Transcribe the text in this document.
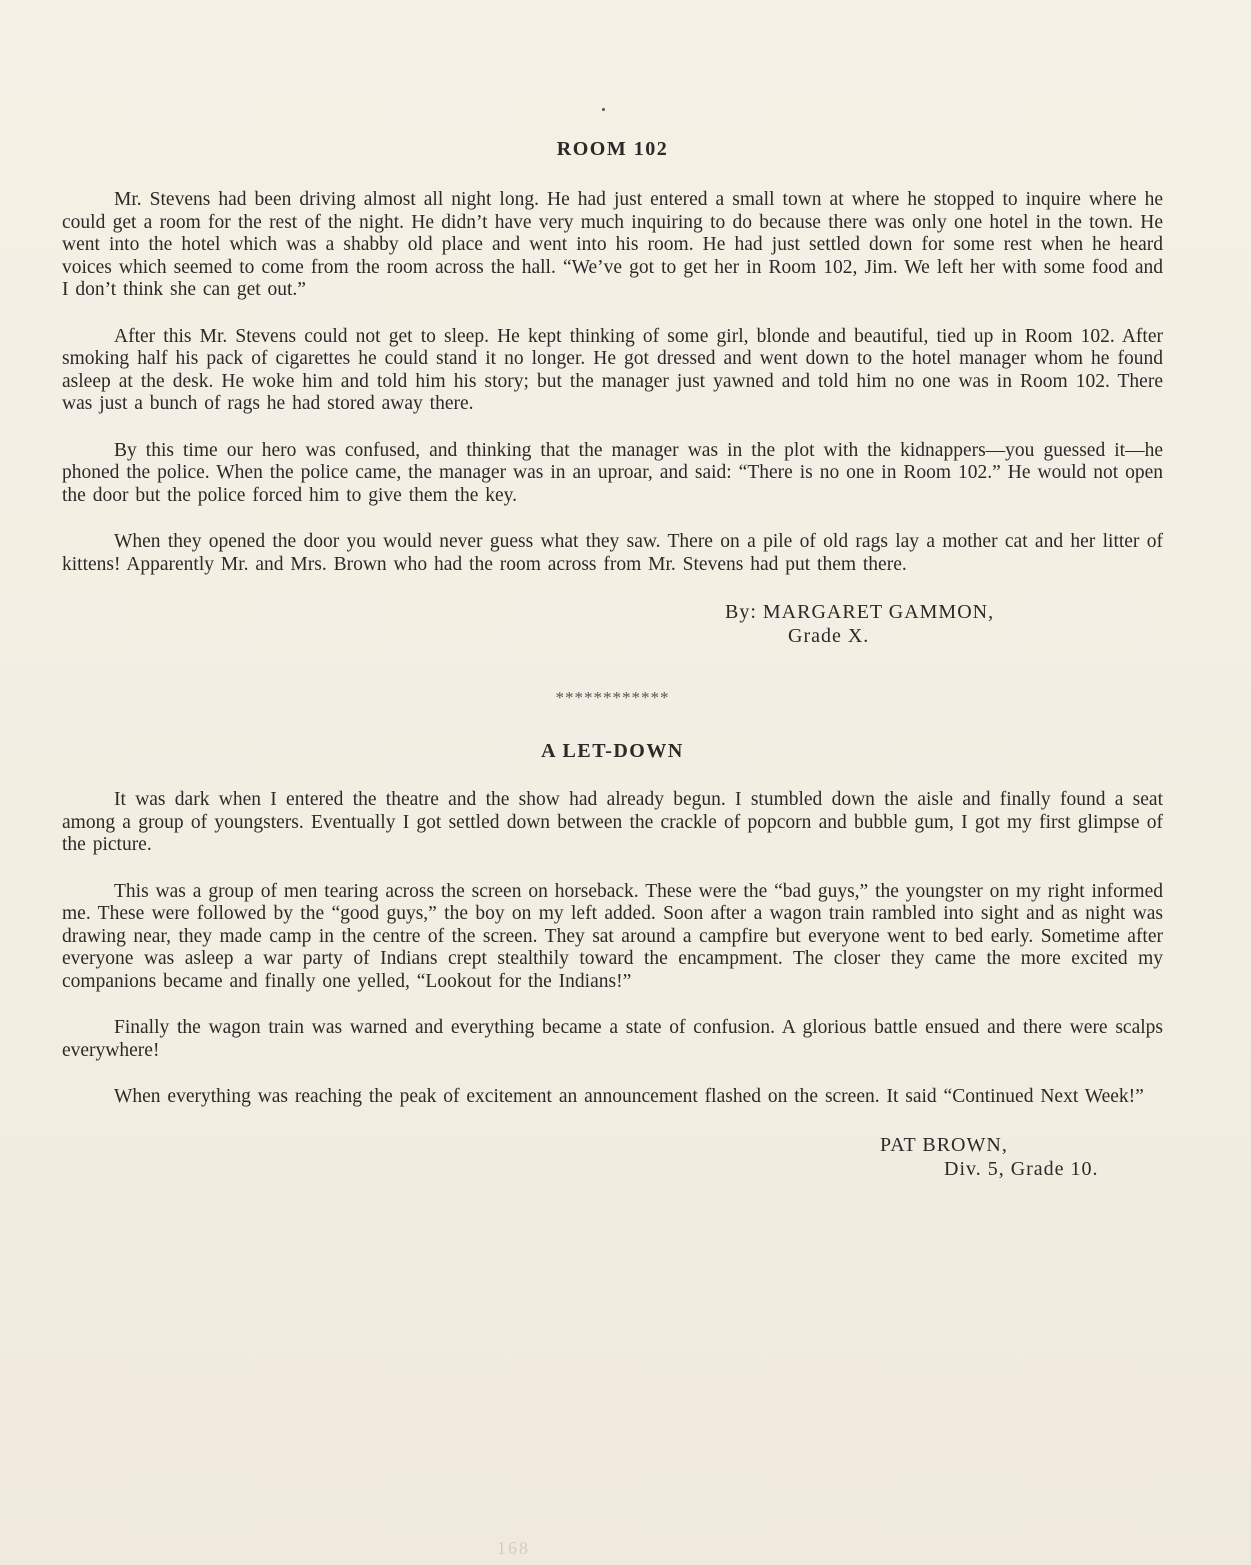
ROOM 102

Mr. Stevens had been driving almost all night long. He had just entered a small town at where he stopped to inquire where he could get a room for the rest of the night. He didn’t have very much inquiring to do because there was only one hotel in the town. He went into the hotel which was a shabby old place and went into his room. He had just settled down for some rest when he heard voices which seemed to come from the room across the hall. “We’ve got to get her in Room 102, Jim. We left her with some food and I don’t think she can get out.”

After this Mr. Stevens could not get to sleep. He kept thinking of some girl, blonde and beautiful, tied up in Room 102. After smoking half his pack of cigarettes he could stand it no longer. He got dressed and went down to the hotel manager whom he found asleep at the desk. He woke him and told him his story; but the manager just yawned and told him no one was in Room 102. There was just a bunch of rags he had stored away there.

By this time our hero was confused, and thinking that the manager was in the plot with the kidnappers—you guessed it—he phoned the police. When the police came, the manager was in an uproar, and said: “There is no one in Room 102.” He would not open the door but the police forced him to give them the key.

When they opened the door you would never guess what they saw. There on a pile of old rags lay a mother cat and her litter of kittens! Apparently Mr. and Mrs. Brown who had the room across from Mr. Stevens had put them there.

By: MARGARET GAMMON,
Grade X.
************
A LET-DOWN

It was dark when I entered the theatre and the show had already begun. I stumbled down the aisle and finally found a seat among a group of youngsters. Eventually I got settled down between the crackle of popcorn and bubble gum, I got my first glimpse of the picture.

This was a group of men tearing across the screen on horseback. These were the “bad guys,” the youngster on my right informed me. These were followed by the “good guys,” the boy on my left added. Soon after a wagon train rambled into sight and as night was drawing near, they made camp in the centre of the screen. They sat around a campfire but everyone went to bed early. Sometime after everyone was asleep a war party of Indians crept stealthily toward the encampment. The closer they came the more excited my companions became and finally one yelled, “Lookout for the Indians!”

Finally the wagon train was warned and everything became a state of confusion. A glorious battle ensued and there were scalps everywhere!

When everything was reaching the peak of excitement an announcement flashed on the screen. It said “Continued Next Week!”

PAT BROWN,
Div. 5, Grade 10.
168
